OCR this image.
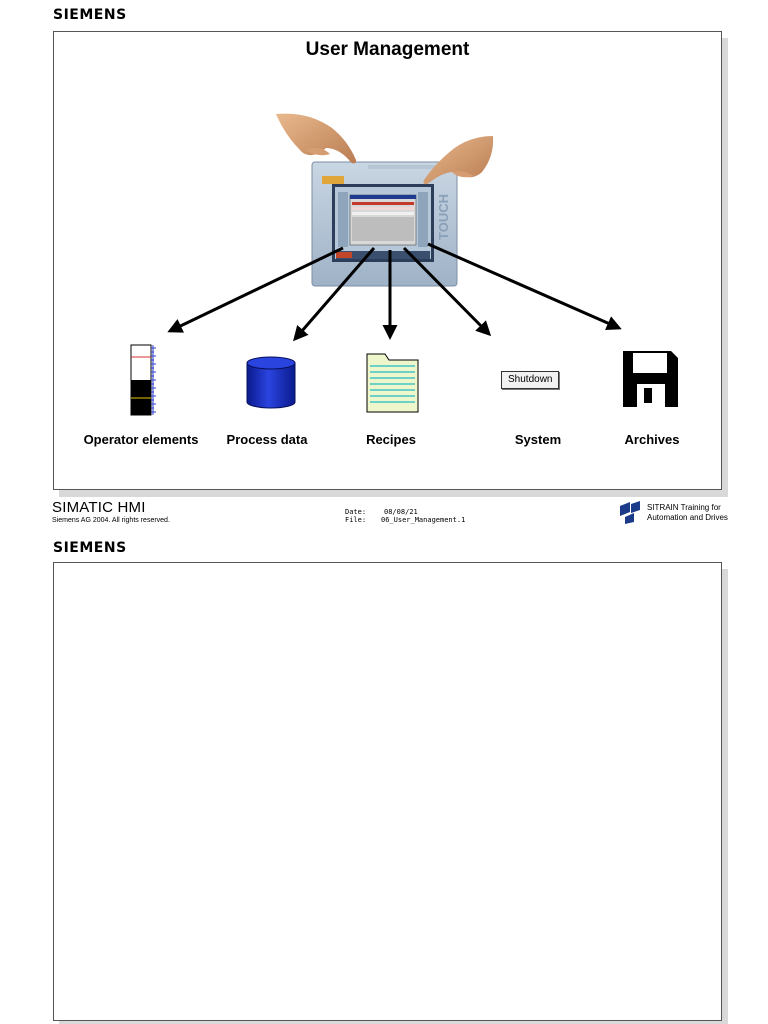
SIEMENS
User Management
TOUCH
Shutdown
Operator elements Process data	Recipes	System	Archives
SIMATIC HMI
Siemens AG 2004. All rights reserved.
Date:	08/08/21
File: 06_User_Management.1
SITRAIN Training for
Automation and Drives
SIEMENS
